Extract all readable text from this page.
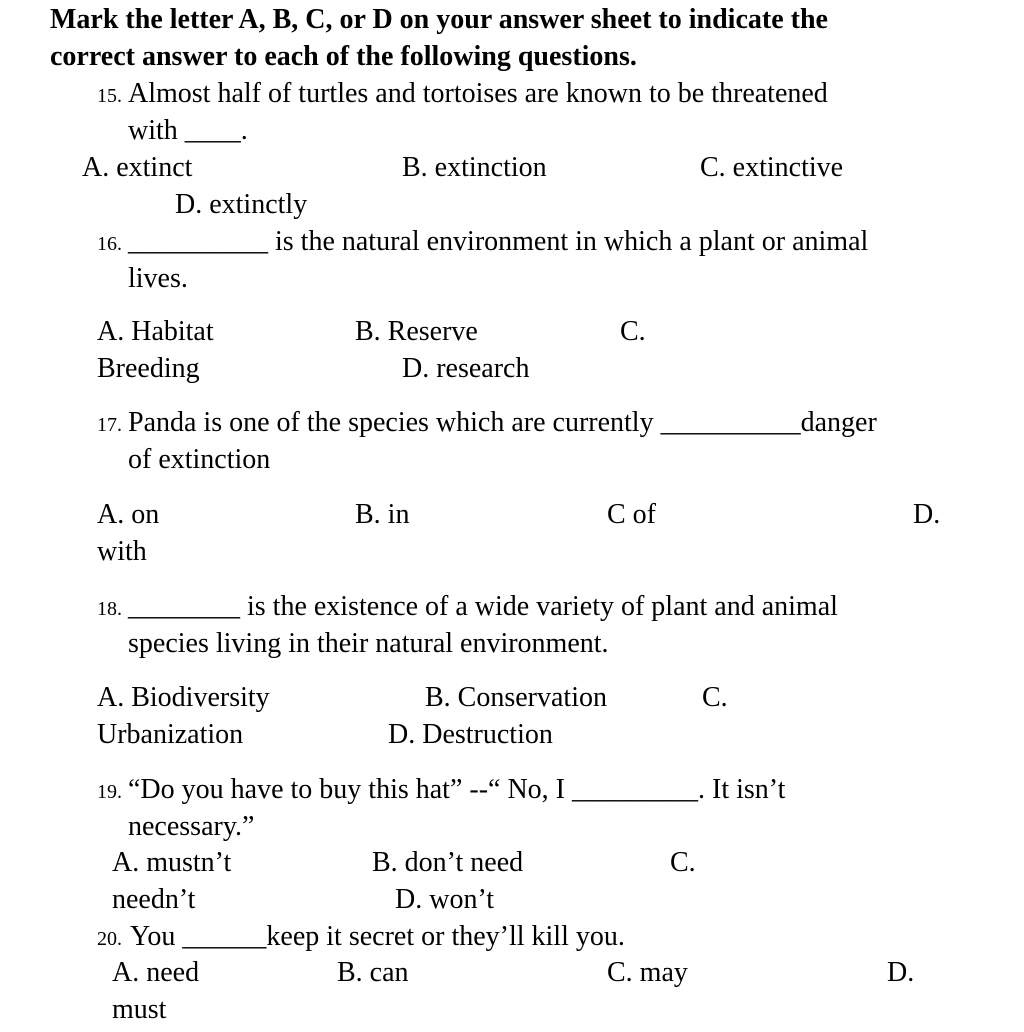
Mark the letter A, B, C, or D on your answer sheet to indicate the
correct answer to each of the following questions.
15. Almost half of turtles and tortoises are known to be threatened
with ____.
A. extinct	B. extinction	C. extinctive
D. extinctly
16. __________ is the natural environment in which a plant or animal
lives.
A. Habitat	B. Reserve	C.
Breeding	D. research
17. Panda is one of the species which are currently __________danger
of extinction
A. on	B. in	C of	D.
with
18. ________ is the existence of a wide variety of plant and animal
species living in their natural environment.
A. Biodiversity	B. Conservation	C.
Urbanization	D. Destruction
19. “Do you have to buy this hat” --“ No, I _________. It isn’t
necessary.”
A. mustn’t	B. don’t need	C.
needn’t	D. won’t
20. You ______keep it secret or they’ll kill you.
A. need	B. can	C. may	D.
must
